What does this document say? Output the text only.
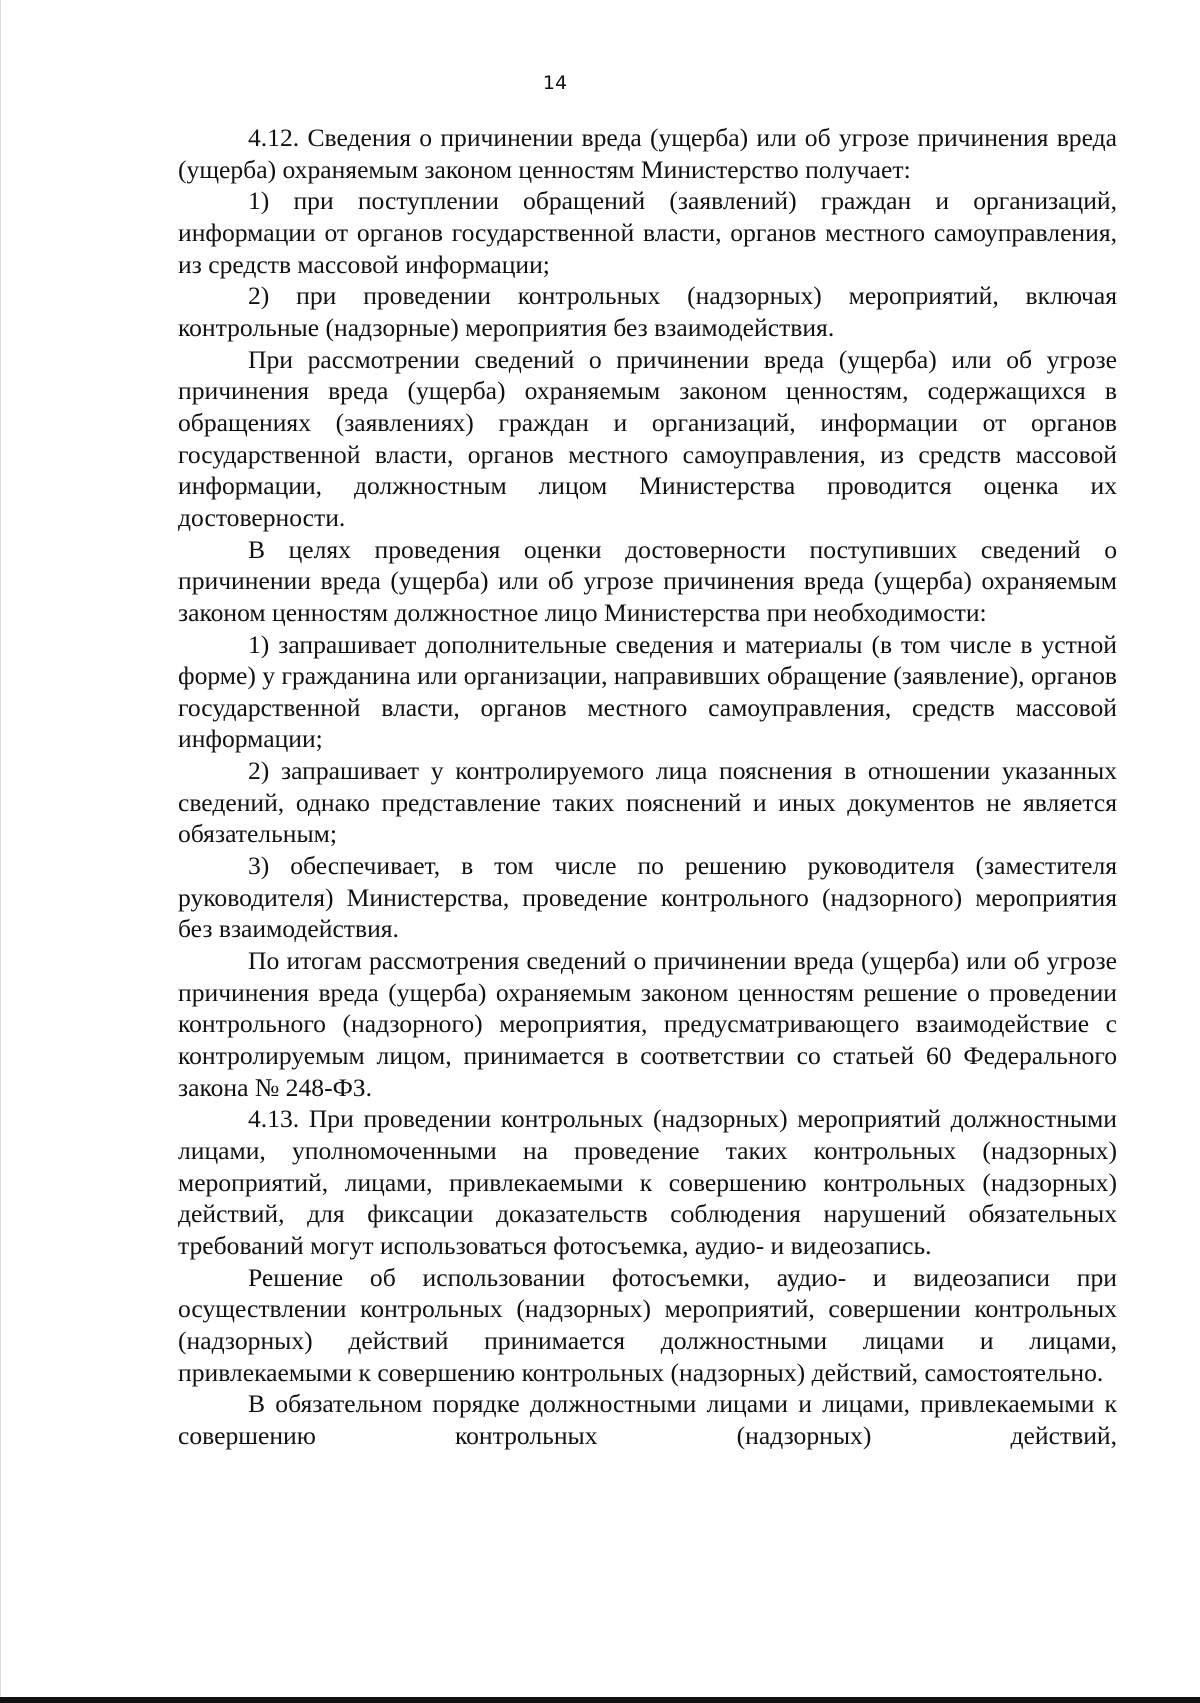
14

4.12. Сведения о причинении вреда (ущерба) или об угрозе причинения вреда (ущерба) охраняемым законом ценностям Министерство получает:

1) при поступлении обращений (заявлений) граждан и организаций, информации от органов государственной власти, органов местного самоуправления, из средств массовой информации;

2) при проведении контрольных (надзорных) мероприятий, включая контрольные (надзорные) мероприятия без взаимодействия.

При рассмотрении сведений о причинении вреда (ущерба) или об угрозе причинения вреда (ущерба) охраняемым законом ценностям, содержащихся в обращениях (заявлениях) граждан и организаций, информации от органов государственной власти, органов местного самоуправления, из средств массовой информации, должностным лицом Министерства проводится оценка их достоверности.

В целях проведения оценки достоверности поступивших сведений о причинении вреда (ущерба) или об угрозе причинения вреда (ущерба) охраняемым законом ценностям должностное лицо Министерства при необходимости:

1) запрашивает дополнительные сведения и материалы (в том числе в устной форме) у гражданина или организации, направивших обращение (заявление), органов государственной власти, органов местного самоуправления, средств массовой информации;

2) запрашивает у контролируемого лица пояснения в отношении указанных сведений, однако представление таких пояснений и иных документов не является обязательным;

3) обеспечивает, в том числе по решению руководителя (заместителя руководителя) Министерства, проведение контрольного (надзорного) мероприятия без взаимодействия.

По итогам рассмотрения сведений о причинении вреда (ущерба) или об угрозе причинения вреда (ущерба) охраняемым законом ценностям решение о проведении контрольного (надзорного) мероприятия, предусматривающего взаимодействие с контролируемым лицом, принимается в соответствии со статьей 60 Федерального закона № 248-ФЗ.

4.13. При проведении контрольных (надзорных) мероприятий должностными лицами, уполномоченными на проведение таких контрольных (надзорных) мероприятий, лицами, привлекаемыми к совершению контрольных (надзорных) действий, для фиксации доказательств соблюдения нарушений обязательных требований могут использоваться фотосъемка, аудио- и видеозапись.

Решение об использовании фотосъемки, аудио- и видеозаписи при осуществлении контрольных (надзорных) мероприятий, совершении контрольных (надзорных) действий принимается должностными лицами и лицами, привлекаемыми к совершению контрольных (надзорных) действий, самостоятельно.

В обязательном порядке должностными лицами и лицами, привлекаемыми к совершению контрольных (надзорных) действий,
